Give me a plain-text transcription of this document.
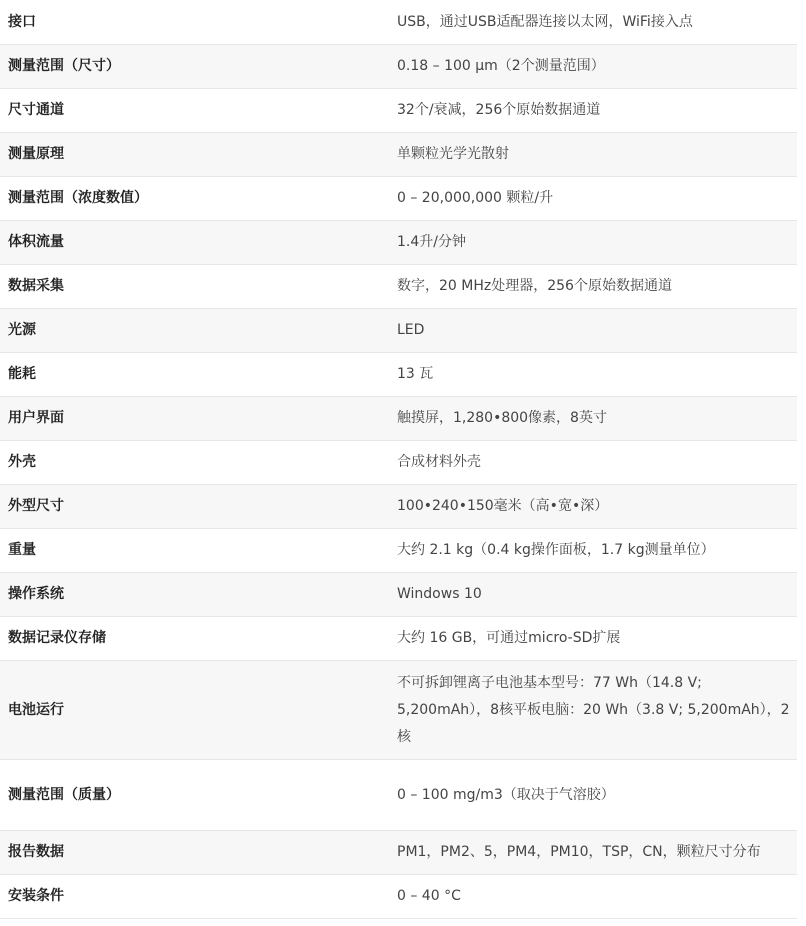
接口	USB，通过USB适配器连接以太网，WiFi接入点
测量范围（尺寸）	0.18 – 100 µm（2个测量范围）
尺寸通道	32个/衰减，256个原始数据通道
测量原理	单颗粒光学光散射
测量范围（浓度数值）	0 – 20,000,000 颗粒/升
体积流量	1.4升/分钟
数据采集	数字，20 MHz处理器，256个原始数据通道
光源	LED
能耗	13 瓦
用户界面	触摸屏，1,280•800像素，8英寸
外壳	合成材料外壳
外型尺寸	100•240•150毫米（高•宽•深）
重量	大约 2.1 kg（0.4 kg操作面板，1.7 kg测量单位）
操作系统	Windows 10
数据记录仪存储	大约 16 GB，可通过micro-SD扩展
电池运行	不可拆卸锂离子电池基本型号：77 Wh（14.8 V; 5,200mAh），8核平板电脑：20 Wh（3.8 V; 5,200mAh），2核
测量范围（质量）	0 – 100 mg/m3（取决于气溶胶）
报告数据	PM1，PM2、5，PM4，PM10，TSP，CN，颗粒尺寸分布
安装条件	0 – 40 °C
